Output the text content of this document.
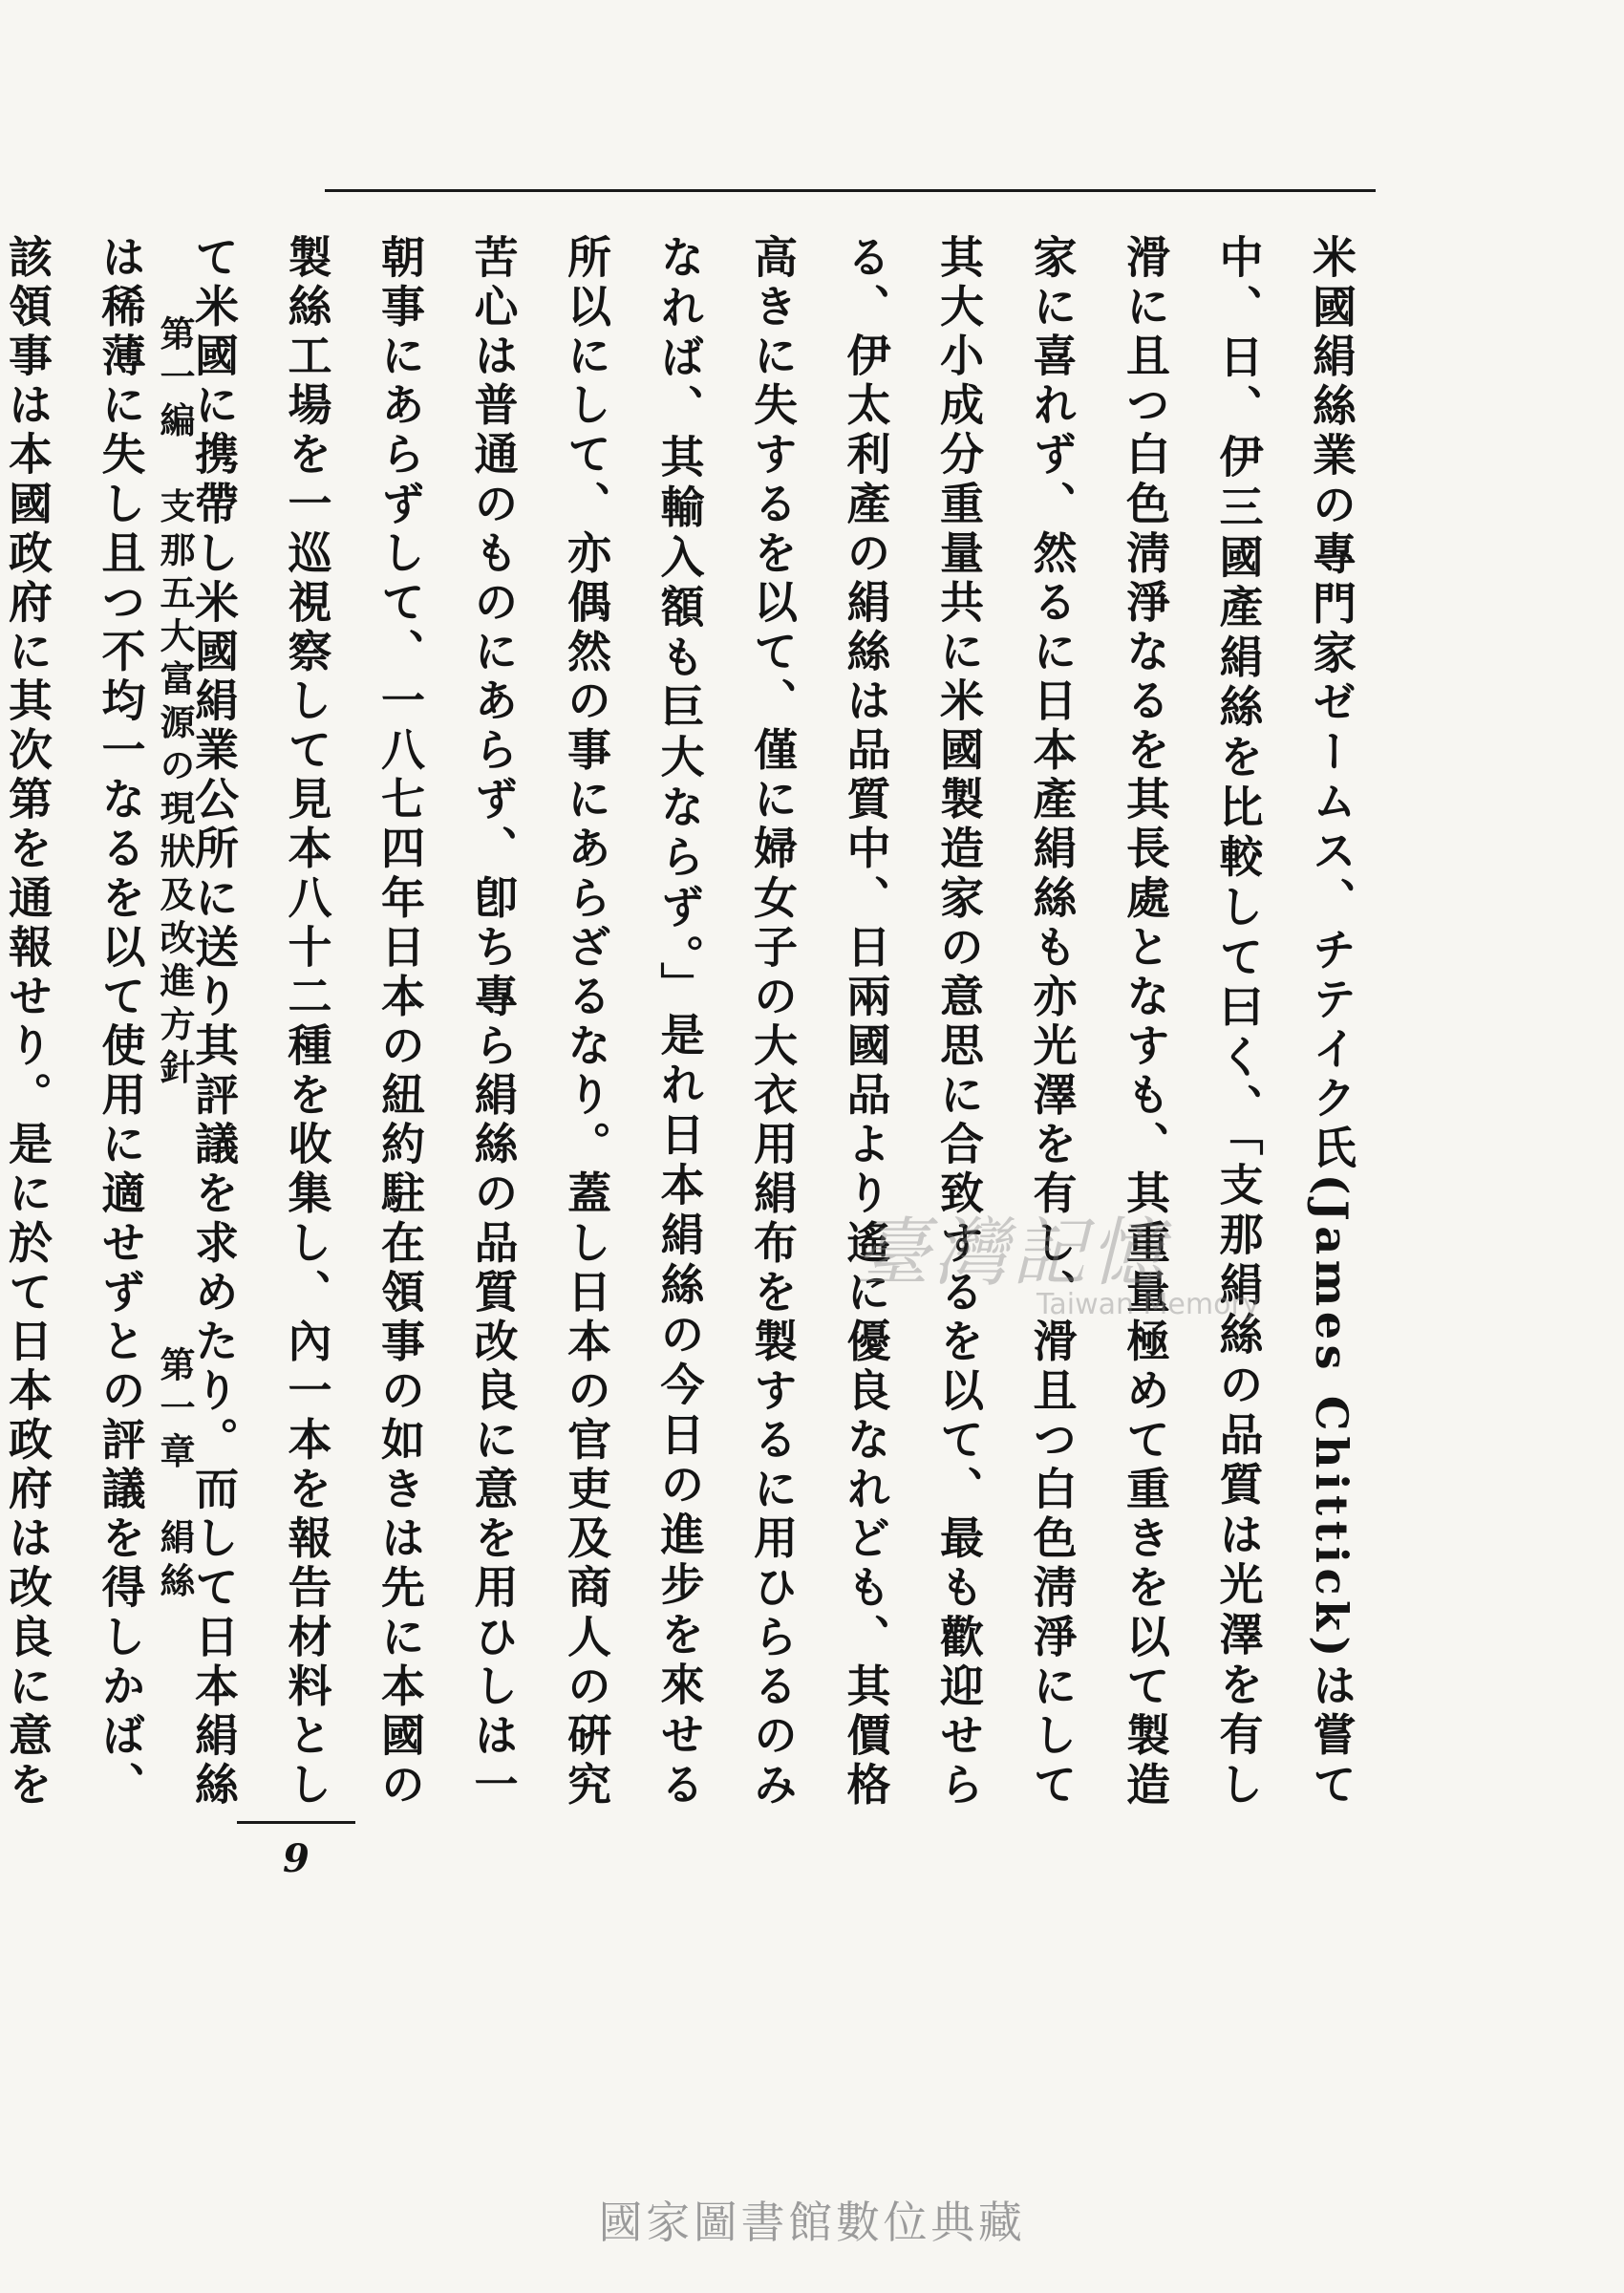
米國絹絲業の專門家ゼームス、チテイク氏(James Chittick)は嘗て中、日、伊三國產絹絲を比較して曰く、「支那絹絲の品質は光澤を有し滑に且つ白色淸淨なるを其長處となすも、其重量極めて重きを以て製造家に喜れず、然るに日本產絹絲も亦光澤を有し、滑且つ白色淸淨にして其大小成分重量共に米國製造家の意思に合致するを以て、最も歡迎せらる、伊太利產の絹絲は品質中、日兩國品より遙に優良なれども、其價格高きに失するを以て、僅に婦女子の大衣用絹布を製するに用ひらるのみなれば、其輸入額も巨大ならず。」是れ日本絹絲の今日の進步を來せる所以にして、亦偶然の事にあらざるなり。蓋し日本の官吏及商人の硏究苦心は普通のものにあらず、卽ち專ら絹絲の品質改良に意を用ひしは一朝事にあらずして、一八七四年日本の紐約駐在領事の如きは先に本國の製絲工場を一巡視察して見本八十二種を收集し、內一本を報告材料として米國に携帶し米國絹業公所に送り其評議を求めたり。而して日本絹絲は稀薄に失し且つ不均一なるを以て使用に適せずとの評議を得しかば、該領事は本國政府に其次第を通報せり。是に於て日本政府は改良に意を

第一編　支那五大富源の現狀及改進方針
第一章　絹絲
臺灣記憶
Taiwan Memory
9
國家圖書館數位典藏
